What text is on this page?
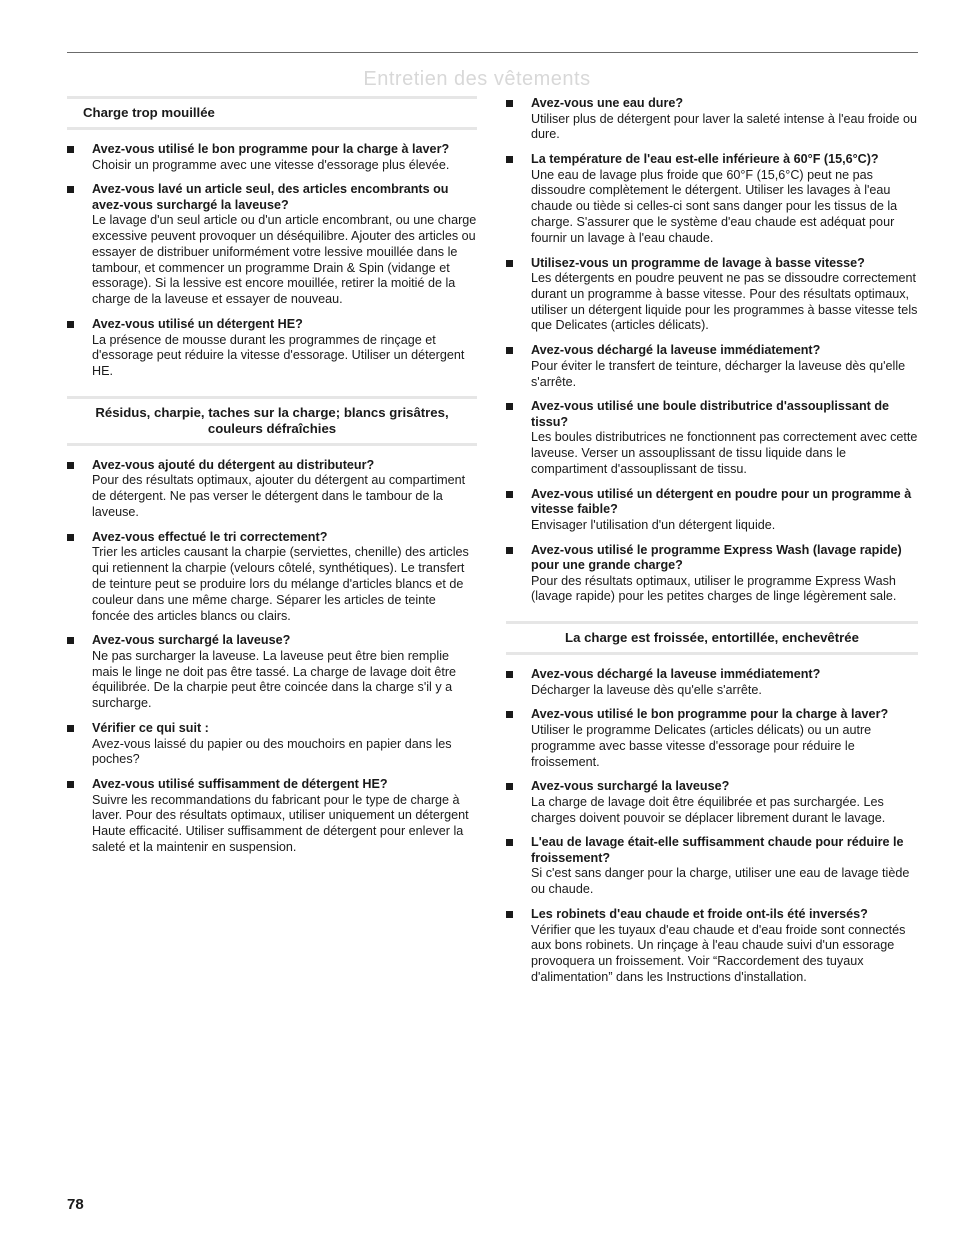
Entretien des vêtements
Charge trop mouillée
Avez-vous utilisé le bon programme pour la charge à laver?
Choisir un programme avec une vitesse d'essorage plus élevée.
Avez-vous lavé un article seul, des articles encombrants ou avez-vous surchargé la laveuse?
Le lavage d'un seul article ou d'un article encombrant, ou une charge excessive peuvent provoquer un déséquilibre. Ajouter des articles ou essayer de distribuer uniformément votre lessive mouillée dans le tambour, et commencer un programme Drain & Spin (vidange et essorage). Si la lessive est encore mouillée, retirer la moitié de la charge de la laveuse et essayer de nouveau.
Avez-vous utilisé un détergent HE?
La présence de mousse durant les programmes de rinçage et d'essorage peut réduire la vitesse d'essorage. Utiliser un détergent HE.
Résidus, charpie, taches sur la charge; blancs grisâtres, couleurs défraîchies
Avez-vous ajouté du détergent au distributeur?
Pour des résultats optimaux, ajouter du détergent au compartiment de détergent. Ne pas verser le détergent dans le tambour de la laveuse.
Avez-vous effectué le tri correctement?
Trier les articles causant la charpie (serviettes, chenille) des articles qui retiennent la charpie (velours côtelé, synthétiques). Le transfert de teinture peut se produire lors du mélange d'articles blancs et de couleur dans une même charge. Séparer les articles de teinte foncée des articles blancs ou clairs.
Avez-vous surchargé la laveuse?
Ne pas surcharger la laveuse. La laveuse peut être bien remplie mais le linge ne doit pas être tassé. La charge de lavage doit être équilibrée. De la charpie peut être coincée dans la charge s'il y a surcharge.
Vérifier ce qui suit :
Avez-vous laissé du papier ou des mouchoirs en papier dans les poches?
Avez-vous utilisé suffisamment de détergent HE?
Suivre les recommandations du fabricant pour le type de charge à laver. Pour des résultats optimaux, utiliser uniquement un détergent Haute efficacité. Utiliser suffisamment de détergent pour enlever la saleté et la maintenir en suspension.
Avez-vous une eau dure?
Utiliser plus de détergent pour laver la saleté intense à l'eau froide ou dure.
La température de l'eau est-elle inférieure à 60°F (15,6°C)?
Une eau de lavage plus froide que 60°F (15,6°C) peut ne pas dissoudre complètement le détergent. Utiliser les lavages à l'eau chaude ou tiède si celles-ci sont sans danger pour les tissus de la charge. S'assurer que le système d'eau chaude est adéquat pour fournir un lavage à l'eau chaude.
Utilisez-vous un programme de lavage à basse vitesse?
Les détergents en poudre peuvent ne pas se dissoudre correctement durant un programme à basse vitesse. Pour des résultats optimaux, utiliser un détergent liquide pour les programmes à basse vitesse tels que Delicates (articles délicats).
Avez-vous déchargé la laveuse immédiatement?
Pour éviter le transfert de teinture, décharger la laveuse dès qu'elle s'arrête.
Avez-vous utilisé une boule distributrice d'assouplissant de tissu?
Les boules distributrices ne fonctionnent pas correctement avec cette laveuse. Verser un assouplissant de tissu liquide dans le compartiment d'assouplissant de tissu.
Avez-vous utilisé un détergent en poudre pour un programme à vitesse faible?
Envisager l'utilisation d'un détergent liquide.
Avez-vous utilisé le programme Express Wash (lavage rapide) pour une grande charge?
Pour des résultats optimaux, utiliser le programme Express Wash (lavage rapide) pour les petites charges de linge légèrement sale.
La charge est froissée, entortillée, enchevêtrée
Avez-vous déchargé la laveuse immédiatement?
Décharger la laveuse dès qu'elle s'arrête.
Avez-vous utilisé le bon programme pour la charge à laver?
Utiliser le programme Delicates (articles délicats) ou un autre programme avec basse vitesse d'essorage pour réduire le froissement.
Avez-vous surchargé la laveuse?
La charge de lavage doit être équilibrée et pas surchargée. Les charges doivent pouvoir se déplacer librement durant le lavage.
L'eau de lavage était-elle suffisamment chaude pour réduire le froissement?
Si c'est sans danger pour la charge, utiliser une eau de lavage tiède ou chaude.
Les robinets d'eau chaude et froide ont-ils été inversés?
Vérifier que les tuyaux d'eau chaude et d'eau froide sont connectés aux bons robinets. Un rinçage à l'eau chaude suivi d'un essorage provoquera un froissement. Voir “Raccordement des tuyaux d'alimentation” dans les Instructions d'installation.
78
